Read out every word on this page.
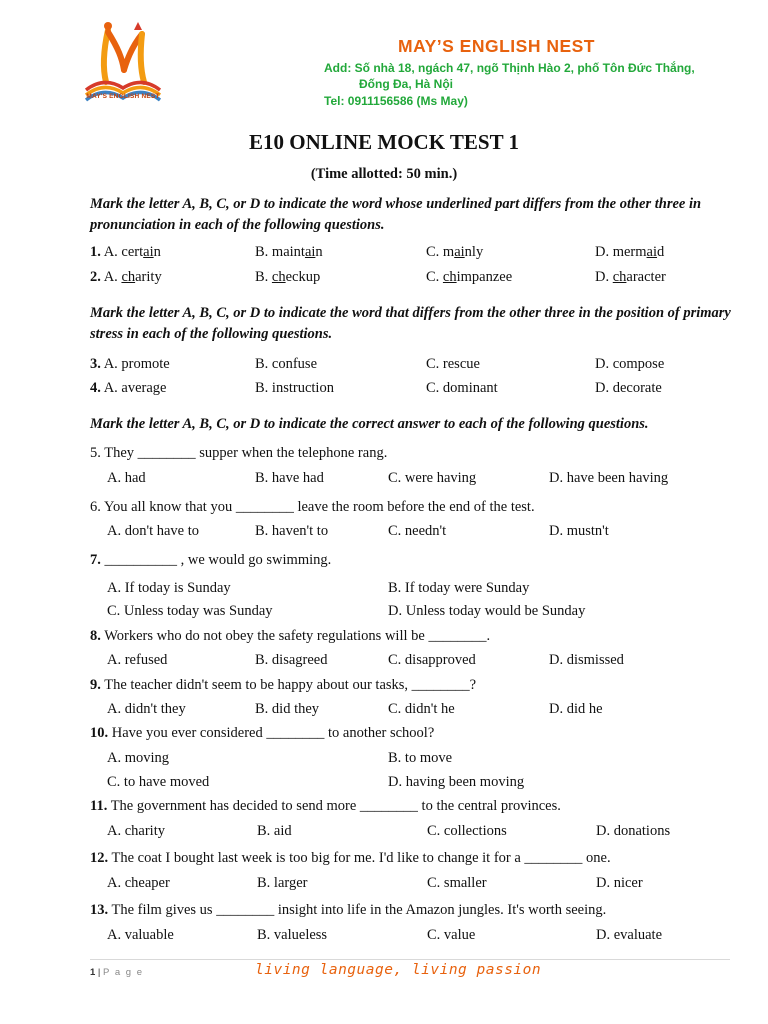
MAY'S ENGLISH NEST
MAY’S ENGLISH NEST
Add: Số nhà 18, ngách 47, ngõ Thịnh Hào 2, phố Tôn Đức Thắng,
Đống Đa, Hà Nội
Tel: 0911156586 (Ms May)
E10 ONLINE MOCK TEST 1
(Time allotted: 50 min.)
Mark the letter A, B, C, or D to indicate the word whose underlined part differs from the other three in pronunciation in each of the following questions.
1. A. certain	B. maintain	C. mainly	D. mermaid
2. A. charity	B. checkup	C. chimpanzee	D. character
Mark the letter A, B, C, or D to indicate the word that differs from the other three in the position of primary stress in each of the following questions.
3. A. promote	B. confuse	C. rescue	D. compose
4. A. average	B. instruction	C. dominant	D. decorate
Mark the letter A, B, C, or D to indicate the correct answer to each of the following questions.
5. They ________ supper when the telephone rang.
A. had	B. have had	C. were having	D. have been having
6. You all know that you ________ leave the room before the end of the test.
A. don't have to	B. haven't to	C. needn't	D. mustn't
7. __________ , we would go swimming.
A. If today is Sunday	B. If today were Sunday
C. Unless today was Sunday	D. Unless today would be Sunday
8. Workers who do not obey the safety regulations will be ________.
A. refused	B. disagreed	C. disapproved	D. dismissed
9. The teacher didn't seem to be happy about our tasks, ________?
A. didn't they	B. did they	C. didn't he	D. did he
10. Have you ever considered ________ to another school?
A. moving	B. to move
C. to have moved	D. having been moving
11. The government has decided to send more ________ to the central provinces.
A. charity	B. aid	C. collections	D. donations
12. The coat I bought last week is too big for me. I'd like to change it for a ________ one.
A. cheaper	B. larger	C. smaller	D. nicer
13. The film gives us ________ insight into life in the Amazon jungles. It's worth seeing.
A. valuable	B. valueless	C. value	D. evaluate
1 | P a g e	living language, living passion
